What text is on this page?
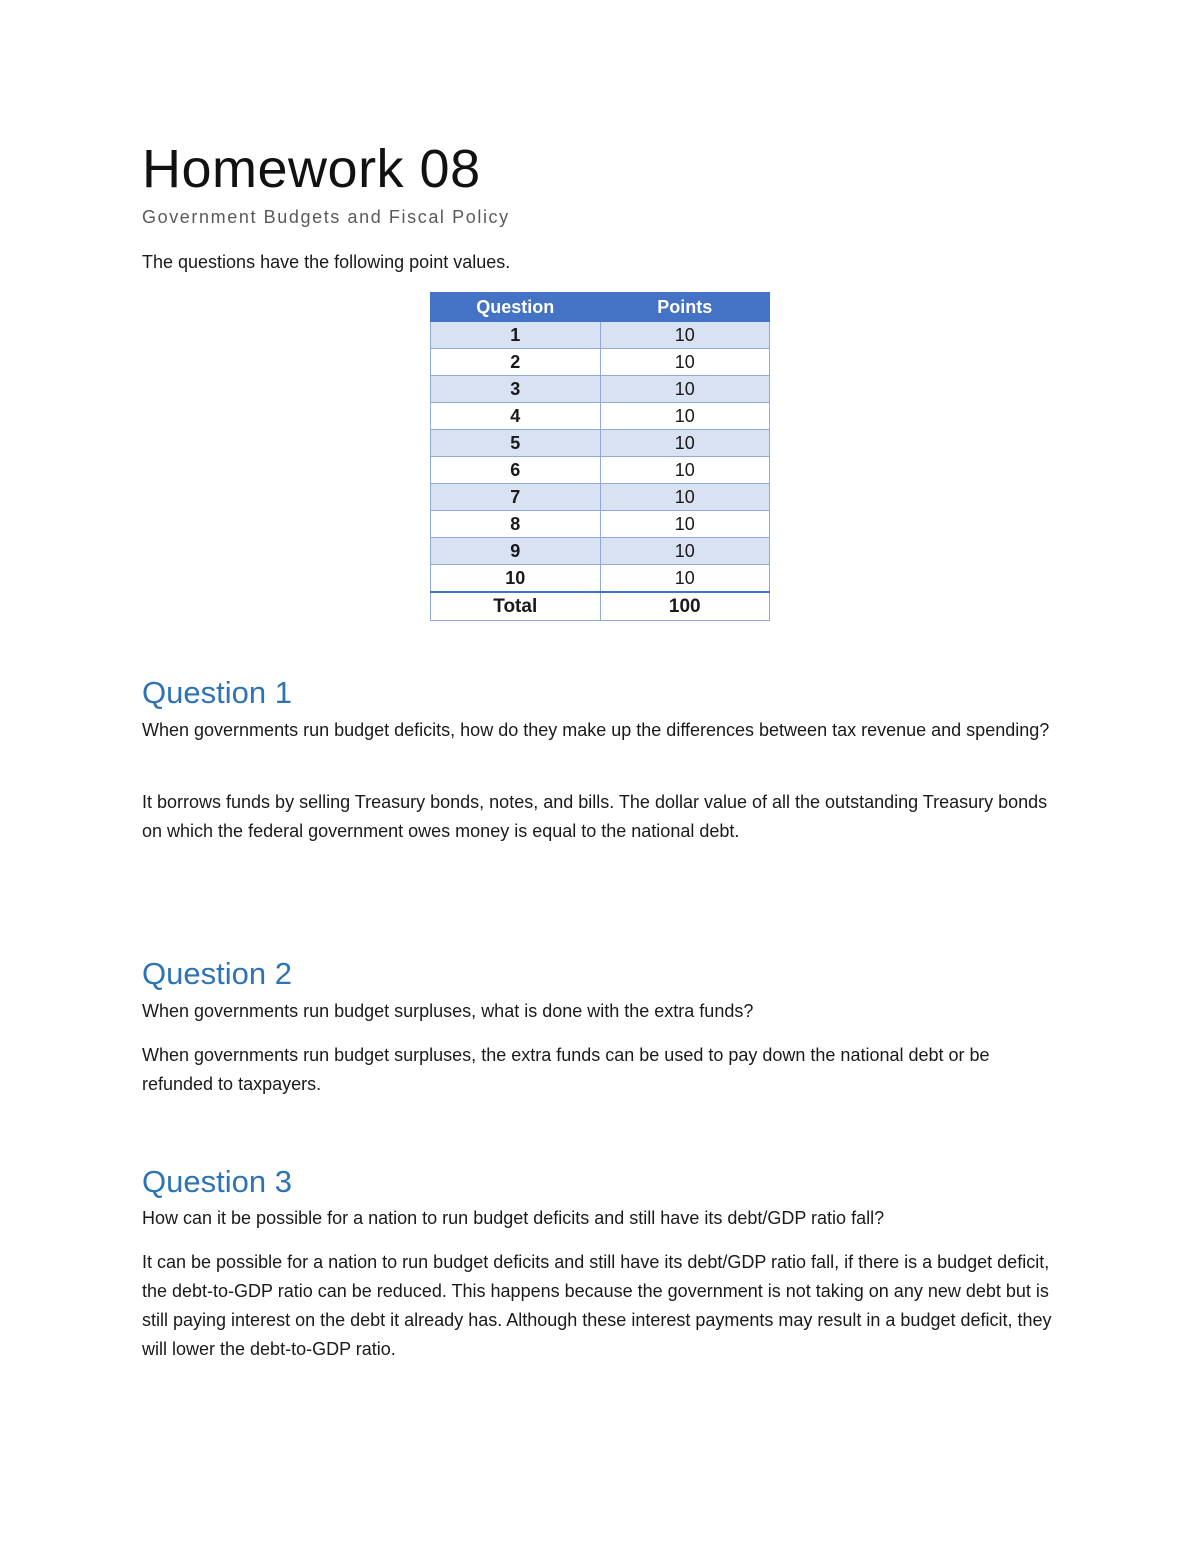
Homework 08
Government Budgets and Fiscal Policy

The questions have the following point values.

Question	Points
1	10
2	10
3	10
4	10
5	10
6	10
7	10
8	10
9	10
10	10
Total	100
Question 1

When governments run budget deficits, how do they make up the differences between tax revenue and spending?

It borrows funds by selling Treasury bonds, notes, and bills. The dollar value of all the outstanding Treasury bonds on which the federal government owes money is equal to the national debt.

Question 2

When governments run budget surpluses, what is done with the extra funds?

When governments run budget surpluses, the extra funds can be used to pay down the national debt or be refunded to taxpayers.

Question 3

How can it be possible for a nation to run budget deficits and still have its debt/GDP ratio fall?

It can be possible for a nation to run budget deficits and still have its debt/GDP ratio fall, if there is a budget deficit, the debt-to-GDP ratio can be reduced. This happens because the government is not taking on any new debt but is still paying interest on the debt it already has. Although these interest payments may result in a budget deficit, they will lower the debt-to-GDP ratio.
